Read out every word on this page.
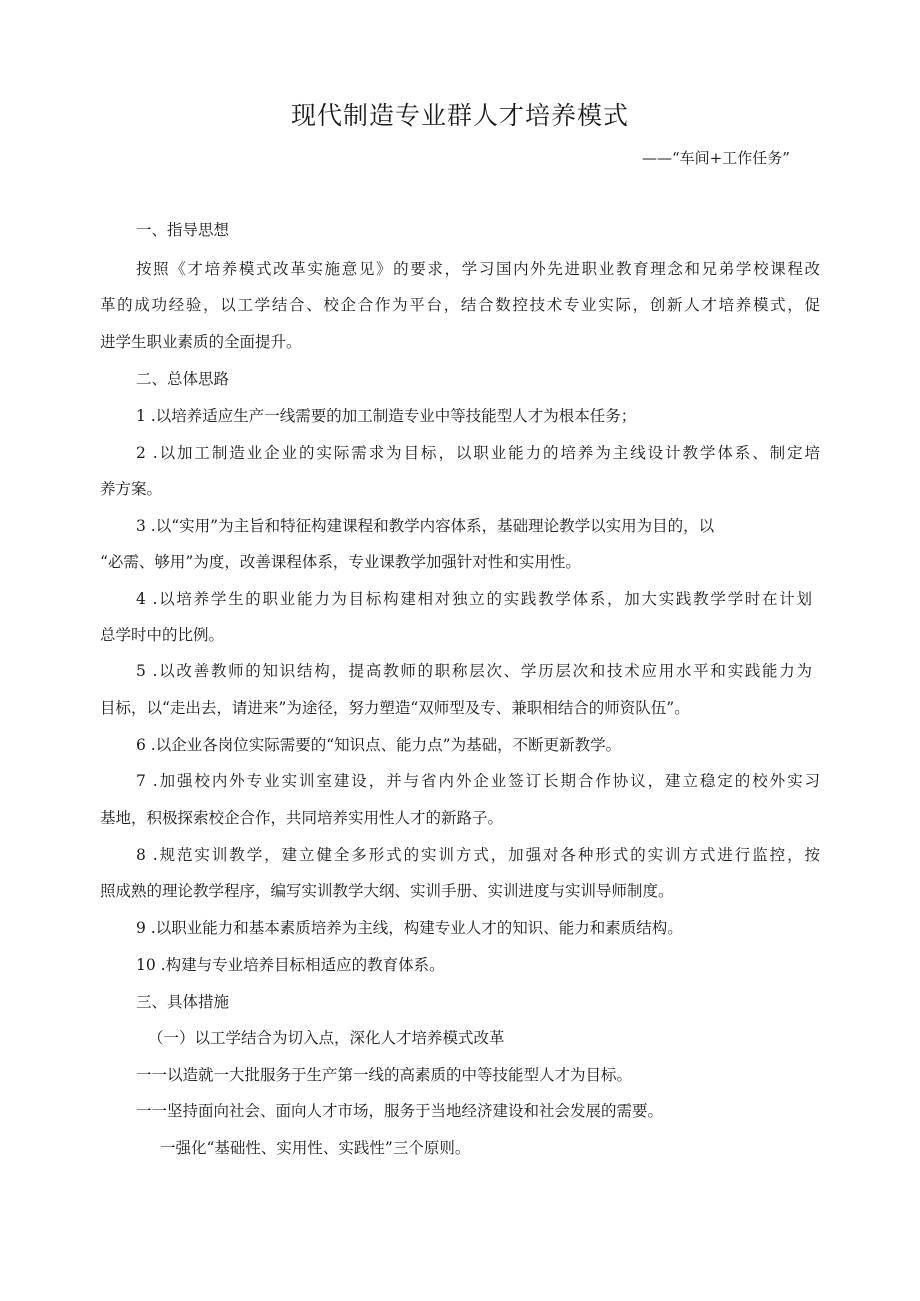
现代制造专业群人才培养模式
——“车间+工作任务”
一、指导思想
按照《才培养模式改革实施意见》的要求，学习国内外先进职业教育理念和兄弟学校课程改
革的成功经验，以工学结合、校企合作为平台，结合数控技术专业实际，创新人才培养模式，促
进学生职业素质的全面提升。
二、总体思路
1 .以培养适应生产一线需要的加工制造专业中等技能型人才为根本任务；
2 .以加工制造业企业的实际需求为目标，以职业能力的培养为主线设计教学体系、制定培
养方案。
3 .以“实用”为主旨和特征构建课程和教学内容体系，基础理论教学以实用为目的，以
“必需、够用”为度，改善课程体系，专业课教学加强针对性和实用性。
4 .以培养学生的职业能力为目标构建相对独立的实践教学体系，加大实践教学学时在计划
总学时中的比例。
5 .以改善教师的知识结构，提高教师的职称层次、学历层次和技术应用水平和实践能力为
目标，以“走出去，请进来”为途径，努力塑造“双师型及专、兼职相结合的师资队伍”。
6 .以企业各岗位实际需要的“知识点、能力点”为基础，不断更新教学。
7 .加强校内外专业实训室建设，并与省内外企业签订长期合作协议，建立稳定的校外实习
基地，积极探索校企合作，共同培养实用性人才的新路子。
8 .规范实训教学，建立健全多形式的实训方式，加强对各种形式的实训方式进行监控，按
照成熟的理论教学程序，编写实训教学大纲、实训手册、实训进度与实训导师制度。
9 .以职业能力和基本素质培养为主线，构建专业人才的知识、能力和素质结构。
10 .构建与专业培养目标相适应的教育体系。
三、具体措施
（一）以工学结合为切入点，深化人才培养模式改革
一一以造就一大批服务于生产第一线的高素质的中等技能型人才为目标。
一一坚持面向社会、面向人才市场，服务于当地经济建设和社会发展的需要。
一强化“基础性、实用性、实践性”三个原则。
